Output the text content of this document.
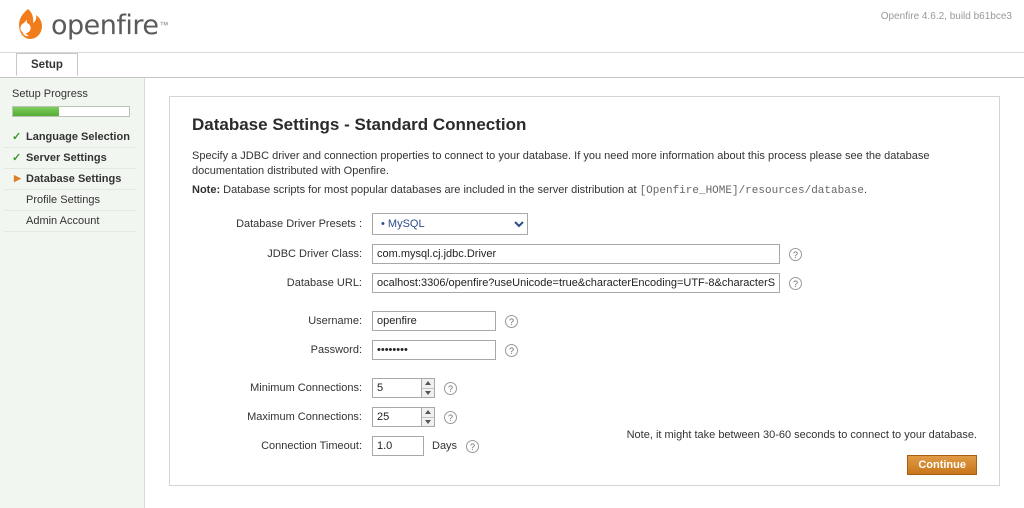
openfire ™
Openfire 4.6.2, build b61bce3
Setup
Setup Progress
✓ Language Selection
✓ Server Settings
▶ Database Settings
Profile Settings
Admin Account
Database Settings - Standard Connection

Specify a JDBC driver and connection properties to connect to your database. If you need more information about this process please see the database documentation distributed with Openfire.

Note: Database scripts for most popular databases are included in the server distribution at [Openfire_HOME]/resources/database.
Database Driver Presets :
• MySQL
JDBC Driver Class:
com.mysql.cj.jdbc.Driver	?
Database URL:
ocalhost:3306/openfire?useUnicode=true&characterEncoding=UTF-8&characterSetResults=UTF-8	?
Username:
openfire	?
Password:
••••••••	?
Minimum Connections:
5	?
Maximum Connections:
25	?
Connection Timeout:
1.0	Days	?
Note, it might take between 30-60 seconds to connect to your database.
Continue
